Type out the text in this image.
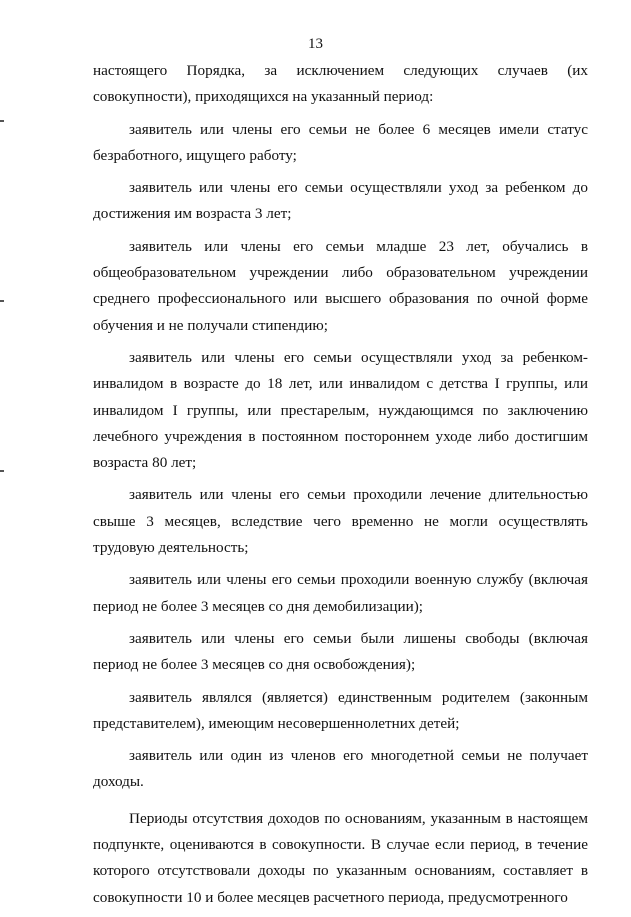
13

настоящего Порядка, за исключением следующих случаев (их совокупности), приходящихся на указанный период:

заявитель или члены его семьи не более 6 месяцев имели статус безработного, ищущего работу;

заявитель или члены его семьи осуществляли уход за ребенком до достижения им возраста 3 лет;

заявитель или члены его семьи младше 23 лет, обучались в общеобразовательном учреждении либо образовательном учреждении среднего профессионального или высшего образования по очной форме обучения и не получали стипендию;

заявитель или члены его семьи осуществляли уход за ребенком-инвалидом в возрасте до 18 лет, или инвалидом с детства I группы, или инвалидом I группы, или престарелым, нуждающимся по заключению лечебного учреждения в постоянном постороннем уходе либо достигшим возраста 80 лет;

заявитель или члены его семьи проходили лечение длительностью свыше 3 месяцев, вследствие чего временно не могли осуществлять трудовую деятельность;

заявитель или члены его семьи проходили военную службу (включая период не более 3 месяцев со дня демобилизации);

заявитель или члены его семьи были лишены свободы (включая период не более 3 месяцев со дня освобождения);

заявитель являлся (является) единственным родителем (законным представителем), имеющим несовершеннолетних детей;

заявитель или один из членов его многодетной семьи не получает доходы.

Периоды отсутствия доходов по основаниям, указанным в настоящем подпункте, оцениваются в совокупности. В случае если период, в течение которого отсутствовали доходы по указанным основаниям, составляет в совокупности 10 и более месяцев расчетного периода, предусмотренного
